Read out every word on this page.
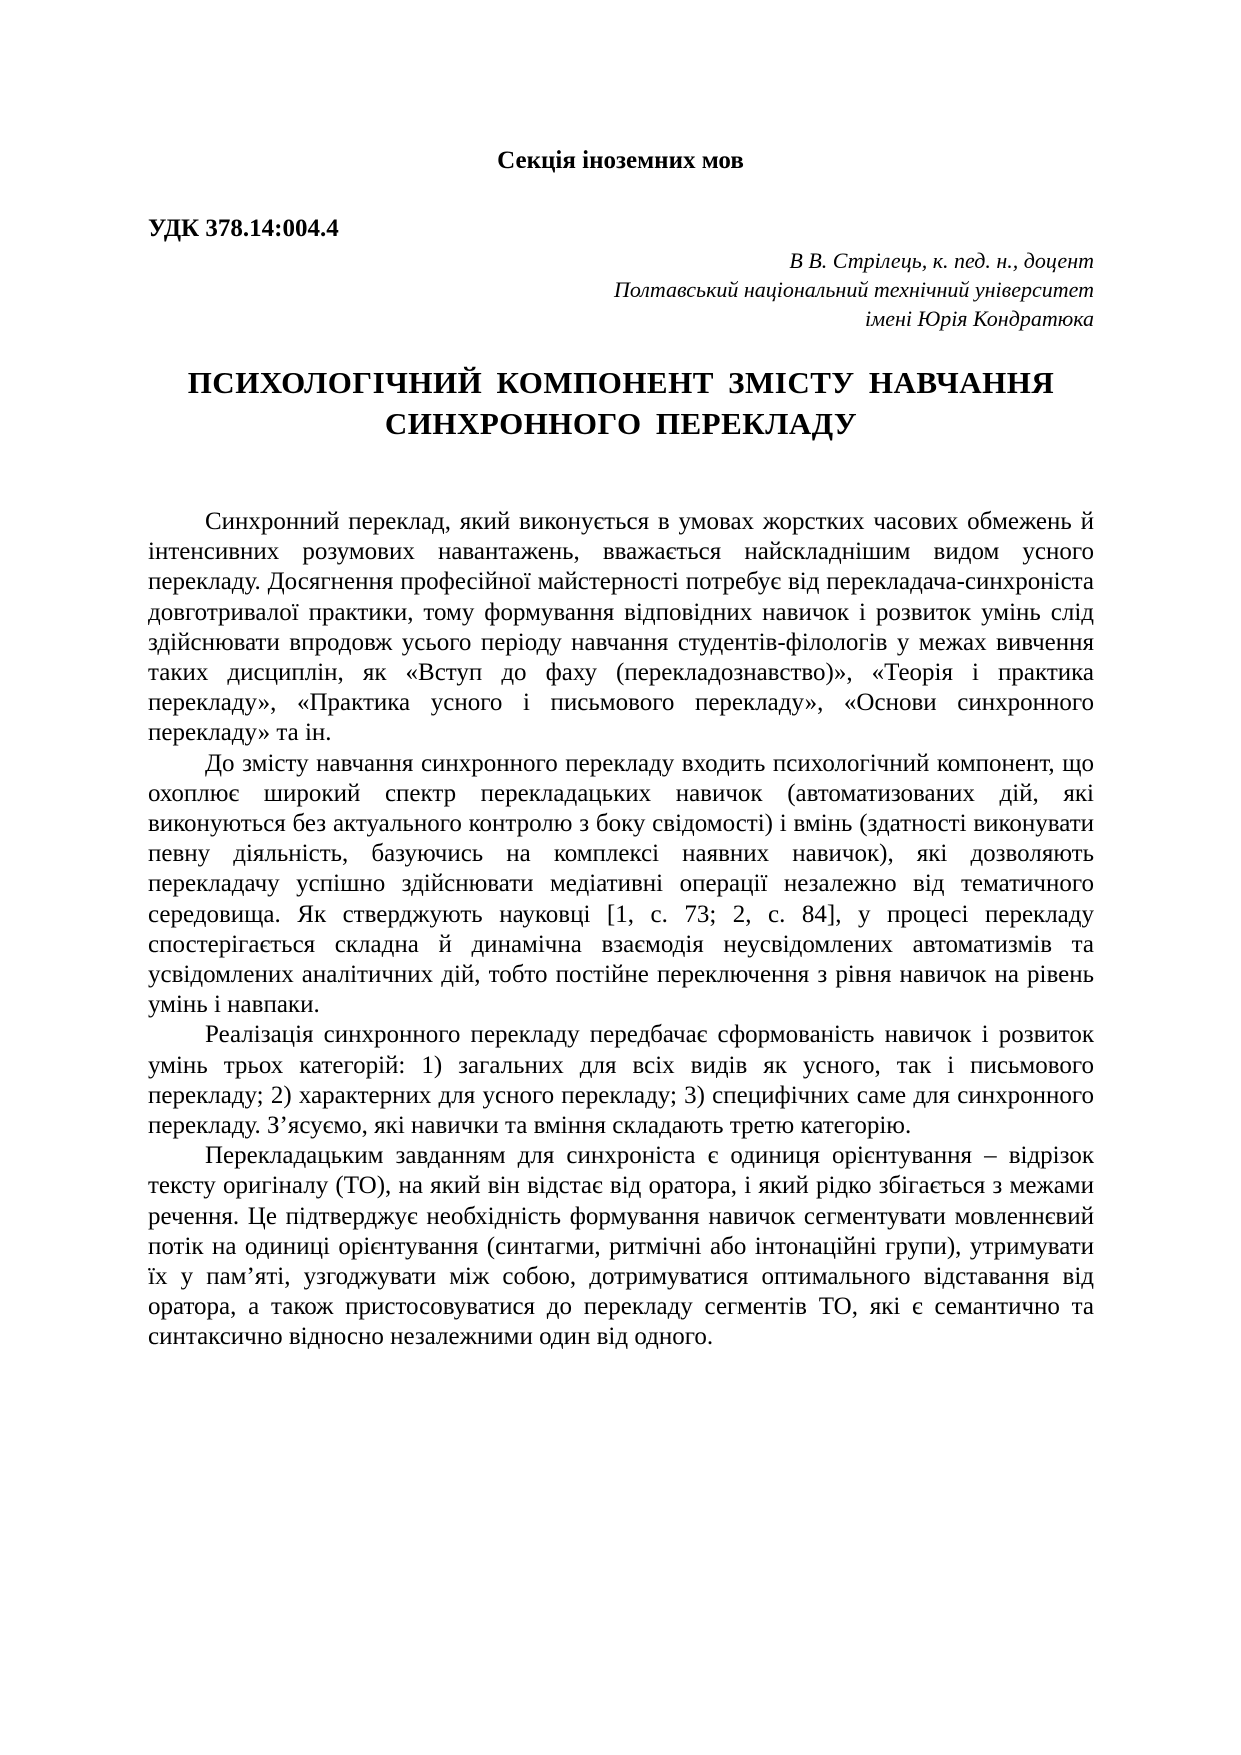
Секція іноземних мов
УДК 378.14:004.4
В В. Стрілець, к. пед. н., доцент
Полтавський національний технічний університет
імені Юрія Кондратюка
ПСИХОЛОГІЧНИЙ КОМПОНЕНТ ЗМІСТУ НАВЧАННЯ
СИНХРОННОГО ПЕРЕКЛАДУ

Синхронний переклад, який виконується в умовах жорстких часових обмежень й інтенсивних розумових навантажень, вважається найскладнішим видом усного перекладу. Досягнення професійної майстерності потребує від перекладача-синхроніста довготривалої практики, тому формування відповідних навичок і розвиток умінь слід здійснювати впродовж усього періоду навчання студентів-філологів у межах вивчення таких дисциплін, як «Вступ до фаху (перекладознавство)», «Теорія і практика перекладу», «Практика усного і письмового перекладу», «Основи синхронного перекладу» та ін.

До змісту навчання синхронного перекладу входить психологічний компонент, що охоплює широкий спектр перекладацьких навичок (автоматизованих дій, які виконуються без актуального контролю з боку свідомості) і вмінь (здатності виконувати певну діяльність, базуючись на комплексі наявних навичок), які дозволяють перекладачу успішно здійснювати медіативні операції незалежно від тематичного середовища. Як стверджують науковці [1, с. 73; 2, с. 84], у процесі перекладу спостерігається складна й динамічна взаємодія неусвідомлених автоматизмів та усвідомлених аналітичних дій, тобто постійне переключення з рівня навичок на рівень умінь і навпаки.

Реалізація синхронного перекладу передбачає сформованість навичок і розвиток умінь трьох категорій: 1) загальних для всіх видів як усного, так і письмового перекладу; 2) характерних для усного перекладу; 3) специфічних саме для синхронного перекладу. З’ясуємо, які навички та вміння складають третю категорію.

Перекладацьким завданням для синхроніста є одиниця орієнтування – відрізок тексту оригіналу (ТО), на який він відстає від оратора, і який рідко збігається з межами речення. Це підтверджує необхідність формування навичок сегментувати мовленнєвий потік на одиниці орієнтування (синтагми, ритмічні або інтонаційні групи), утримувати їх у пам’яті, узгоджувати між собою, дотримуватися оптимального відставання від оратора, а також пристосовуватися до перекладу сегментів ТО, які є семантично та синтаксично відносно незалежними один від одного.
